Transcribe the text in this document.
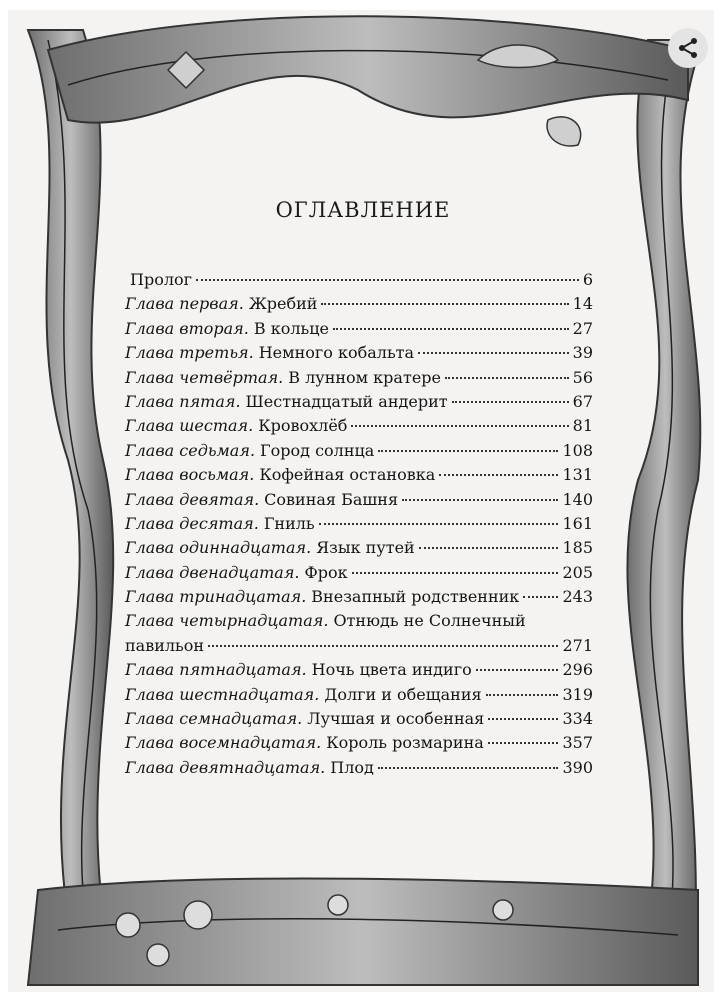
ОГЛАВЛЕНИЕ
Пролог	6
Глава первая. Жребий	14
Глава вторая. В кольце	27
Глава третья. Немного кобальта	39
Глава четвёртая. В лунном кратере	56
Глава пятая. Шестнадцатый андерит	67
Глава шестая. Кровохлёб	81
Глава седьмая. Город солнца	108
Глава восьмая. Кофейная остановка	131
Глава девятая. Совиная Башня	140
Глава десятая. Гниль	161
Глава одиннадцатая. Язык путей	185
Глава двенадцатая. Фрок	205
Глава тринадцатая. Внезапный родственник	243
Глава четырнадцатая. Отнюдь не Солнечный
павильон	271
Глава пятнадцатая. Ночь цвета индиго	296
Глава шестнадцатая. Долги и обещания	319
Глава семнадцатая. Лучшая и особенная	334
Глава восемнадцатая. Король розмарина	357
Глава девятнадцатая. Плод	390
